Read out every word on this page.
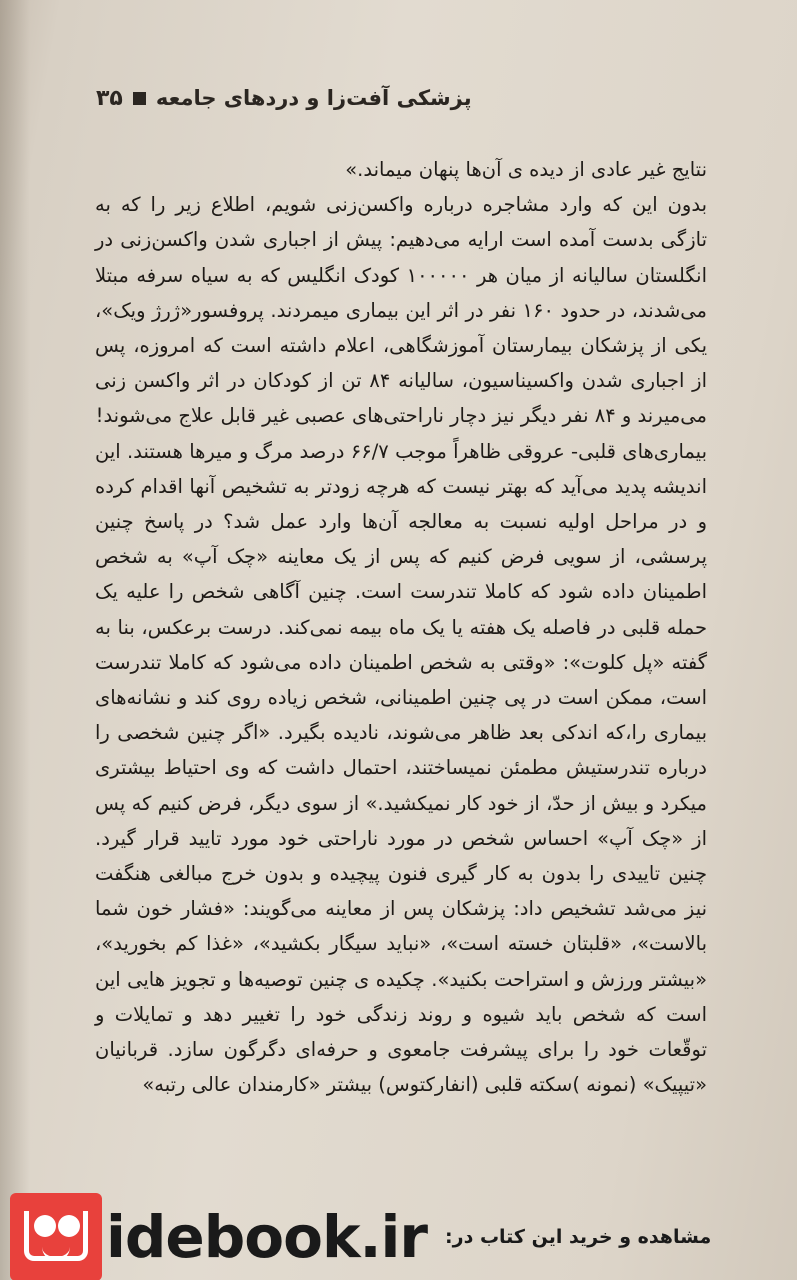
پزشکی آفت‌زا و دردهای جامعه
۳۵

نتایج غیر عادی از دیده ی آن‌ها پنهان میماند.»

بدون این که وارد مشاجره درباره واکسن‌زنی شویم، اطلاع زیر را که به تازگی بدست آمده است ارایه می‌دهیم: پیش از اجباری شدن واکسن‌زنی در انگلستان سالیانه از میان هر ۱۰۰۰۰۰ کودک انگلیس که به سیاه سرفه مبتلا می‌شدند، در حدود ۱۶۰ نفر در اثر این بیماری میمردند. پروفسور«ژرژ ویک»، یکی از پزشکان بیمارستان آموزشگاهی، اعلام داشته است که امروزه، پس از اجباری شدن واکسیناسیون، سالیانه ۸۴ تن از کودکان در اثر واکسن زنی می‌میرند و ۸۴ نفر دیگر نیز دچار ناراحتی‌های عصبی غیر قابل علاج می‌شوند!

بیماری‌های قلبی- عروقی ظاهراً موجب ۶۶/۷ درصد مرگ و میرها هستند. این اندیشه پدید می‌آید که بهتر نیست که هرچه زودتر به تشخیص آنها اقدام کرده و در مراحل اولیه نسبت به معالجه آن‌ها وارد عمل شد؟ در پاسخ چنین پرسشی، از سویی فرض کنیم که پس از یک معاینه «چک آپ» به شخص اطمینان داده شود که کاملا تندرست است. چنین آگاهی شخص را علیه یک حمله قلبی در فاصله یک هفته یا یک ماه بیمه نمی‌کند. درست برعکس، بنا به گفته «پل کلوت»: «وقتی به شخص اطمینان داده می‌شود که کاملا تندرست است، ممکن است در پی چنین اطمینانی، شخص زیاده روی کند و نشانه‌های بیماری را،که اندکی بعد ظاهر می‌شوند، نادیده بگیرد. «اگر چنین شخصی را درباره تندرستیش مطمئن نمیساختند، احتمال داشت که وی احتیاط بیشتری میکرد و بیش از حدّ، از خود کار نمیکشید.» از سوی دیگر، فرض کنیم که پس از «چک آپ» احساس شخص در مورد ناراحتی خود مورد تایید قرار گیرد. چنین تاییدی را بدون به کار گیری فنون پیچیده و بدون خرج مبالغی هنگفت نیز می‌شد تشخیص داد: پزشکان پس از معاینه می‌گویند: «فشار خون شما بالاست»، «قلبتان خسته است»، «نباید سیگار بکشید»، «غذا کم بخورید»، «بیشتر ورزش و استراحت بکنید». چکیده ی چنین توصیه‌ها و تجویز هایی این است که شخص باید شیوه و روند زندگی خود را تغییر دهد و تمایلات و توقّعات خود را برای پیشرفت جامعوی و حرفه‌ای دگرگون سازد. قربانیان «تیپیک» (نمونه )سکته قلبی (انفارکتوس) بیشتر «کارمندان عالی رتبه»

idebook.ir مشاهده و خرید این کتاب در:
